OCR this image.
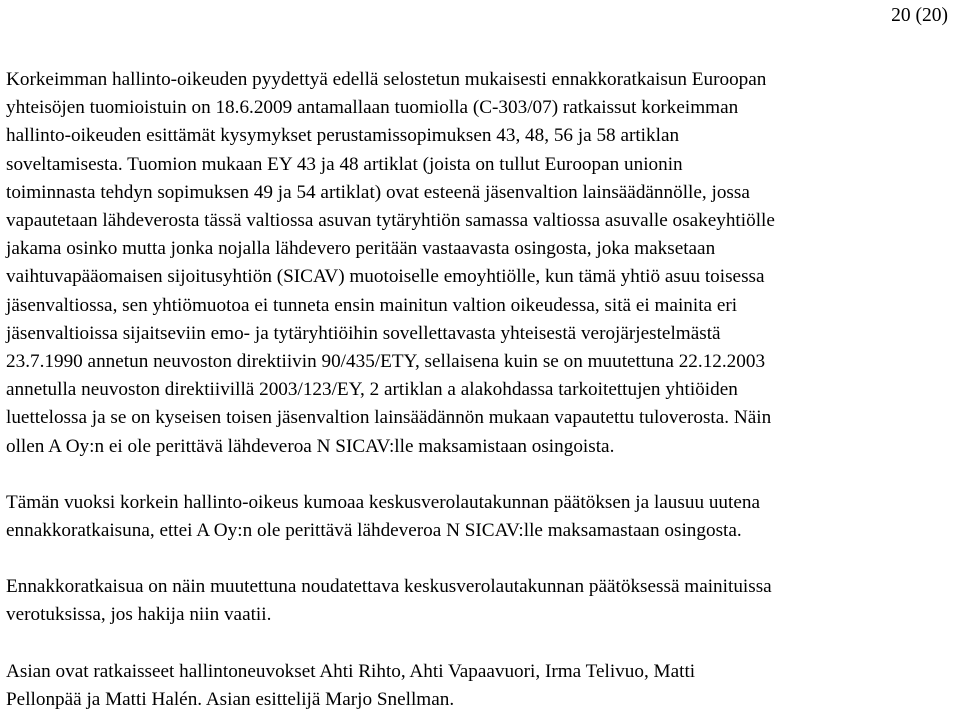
20 (20)

Korkeimman hallinto-oikeuden pyydettyä edellä selostetun mukaisesti ennakkoratkaisun Euroopan
yhteisöjen tuomioistuin on 18.6.2009 antamallaan tuomiolla (C-303/07) ratkaissut korkeimman
hallinto-oikeuden esittämät kysymykset perustamissopimuksen 43, 48, 56 ja 58 artiklan
soveltamisesta. Tuomion mukaan EY 43 ja 48 artiklat (joista on tullut Euroopan unionin
toiminnasta tehdyn sopimuksen 49 ja 54 artiklat) ovat esteenä jäsenvaltion lainsäädännölle, jossa
vapautetaan lähdeverosta tässä valtiossa asuvan tytäryhtiön samassa valtiossa asuvalle osakeyhtiölle
jakama osinko mutta jonka nojalla lähdevero peritään vastaavasta osingosta, joka maksetaan
vaihtuvapääomaisen sijoitusyhtiön (SICAV) muotoiselle emoyhtiölle, kun tämä yhtiö asuu toisessa
jäsenvaltiossa, sen yhtiömuotoa ei tunneta ensin mainitun valtion oikeudessa, sitä ei mainita eri
jäsenvaltioissa sijaitseviin emo- ja tytäryhtiöihin sovellettavasta yhteisestä verojärjestelmästä
23.7.1990 annetun neuvoston direktiivin 90/435/ETY, sellaisena kuin se on muutettuna 22.12.2003
annetulla neuvoston direktiivillä 2003/123/EY, 2 artiklan a alakohdassa tarkoitettujen yhtiöiden
luettelossa ja se on kyseisen toisen jäsenvaltion lainsäädännön mukaan vapautettu tuloverosta. Näin
ollen A Oy:n ei ole perittävä lähdeveroa N SICAV:lle maksamistaan osingoista.

Tämän vuoksi korkein hallinto-oikeus kumoaa keskusverolautakunnan päätöksen ja lausuu uutena
ennakkoratkaisuna, ettei A Oy:n ole perittävä lähdeveroa N SICAV:lle maksamastaan osingosta.

Ennakkoratkaisua on näin muutettuna noudatettava keskusverolautakunnan päätöksessä mainituissa
verotuksissa, jos hakija niin vaatii.

Asian ovat ratkaisseet hallintoneuvokset Ahti Rihto, Ahti Vapaavuori, Irma Telivuo, Matti
Pellonpää ja Matti Halén. Asian esittelijä Marjo Snellman.
